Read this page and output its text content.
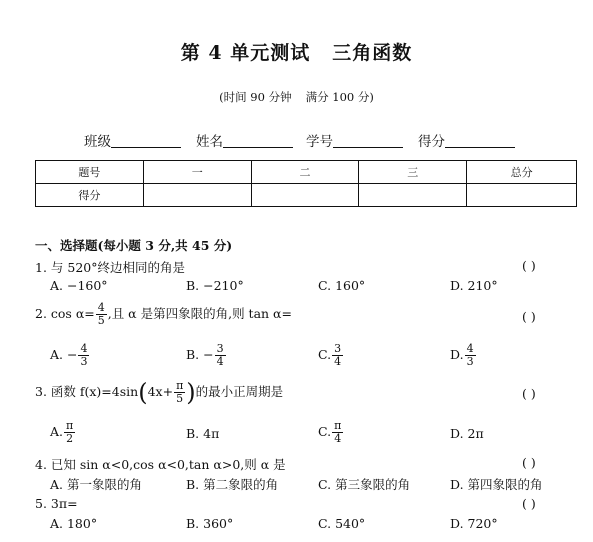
第 4 单元测试 三角函数
(时间 90 分钟 满分 100 分)
班级	姓名	学号	得分
题号	一	二	三	总分
得分				
一、选择题(每小题 3 分,共 45 分)
1. 与 520°终边相同的角是	( )
A. −160°	B. −210°	C. 160°	D. 210°
2. $\cos \alpha= \frac{4}{5}$ ,且 α 是第四象限的角,则 tan α=	( )
A. − $\frac{4}{3}$	B. − $\frac{3}{4}$	C. $\frac{3}{4}$	D. $\frac{4}{3}$
3. 函数 $f(x)=4\sin(4x+ \frac{\pi}{5}$ )的最小正周期是	( )
A. $\frac{\pi}{2}$	B. 4π	C. $\frac{\pi}{4}$	D. 2π
4. 已知 sin α<0,cos α<0,tan α>0,则 α 是	( )
A. 第一象限的角	B. 第二象限的角	C. 第三象限的角	D. 第四象限的角
5. 3π=	( )
A. 180°	B. 360°	C. 540°	D. 720°
